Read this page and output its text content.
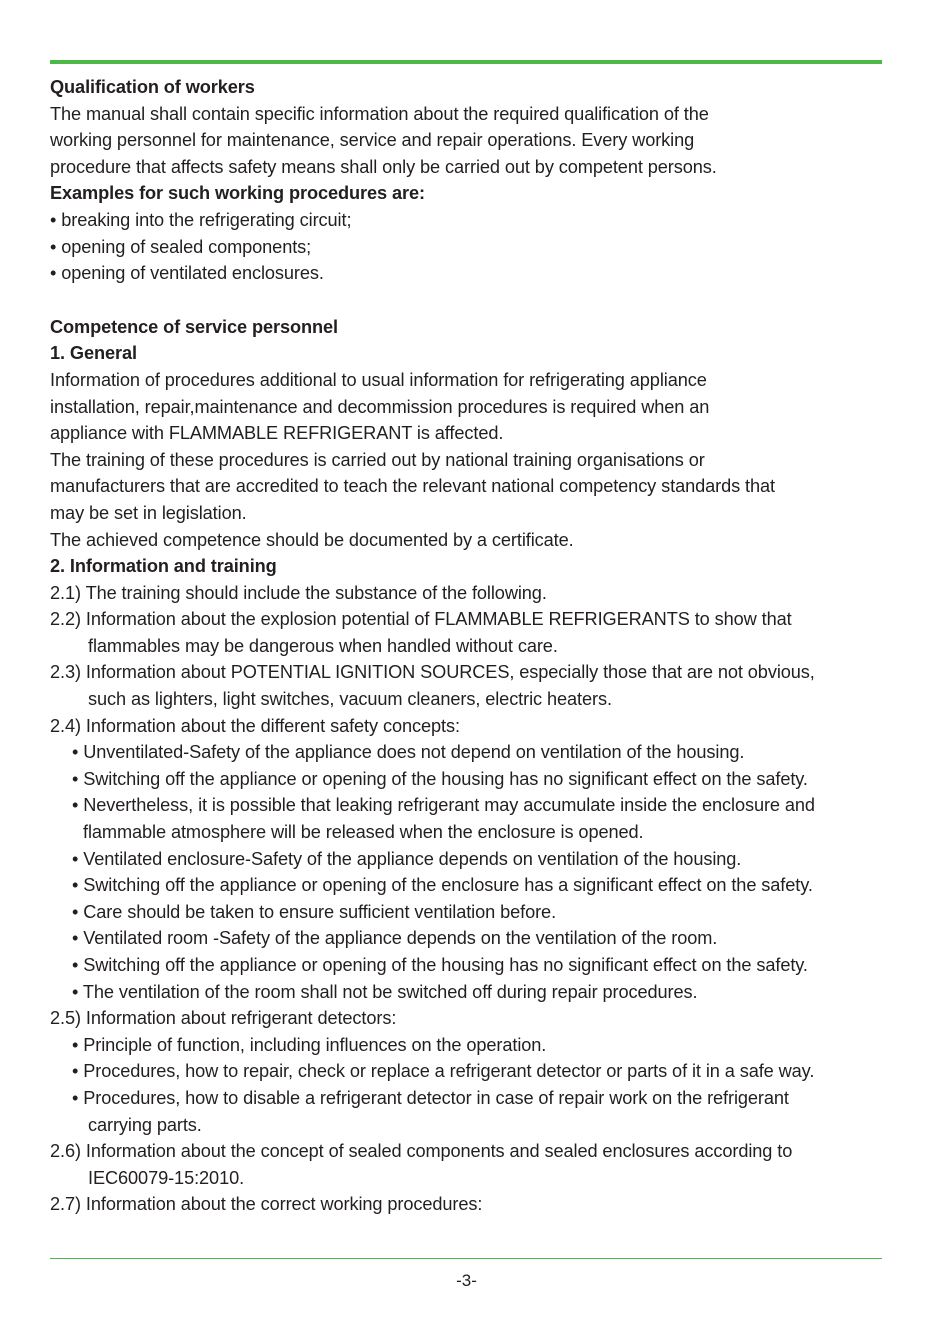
Qualification of workers

The manual shall contain specific information about the required qualification of the

working personnel for maintenance, service and repair operations. Every working

procedure that affects safety means shall only be carried out by competent persons.

Examples for such working procedures are:

• breaking into the refrigerating circuit;

• opening of sealed components;

• opening of ventilated enclosures.

Competence of service personnel

1. General

Information of procedures additional to usual information for refrigerating appliance

installation, repair,maintenance and decommission procedures is required when an

appliance with FLAMMABLE REFRIGERANT is affected.

The training of these procedures is carried out by national training organisations or

manufacturers that are accredited to teach the relevant national competency standards that

may be set in legislation.

The achieved competence should be documented by a certificate.

2. Information and training

2.1) The training should include the substance of the following.

2.2) Information about the explosion potential of FLAMMABLE REFRIGERANTS to show that

flammables may be dangerous when handled without care.

2.3) Information about POTENTIAL IGNITION SOURCES, especially those that are not obvious,

such as lighters, light switches, vacuum cleaners, electric heaters.

2.4) Information about the different safety concepts:

• Unventilated-Safety of the appliance does not depend on ventilation of the housing.

• Switching off the appliance or opening of the housing has no significant effect on the safety.

• Nevertheless, it is possible that leaking refrigerant may accumulate inside the enclosure and

flammable atmosphere will be released when the enclosure is opened.

• Ventilated enclosure-Safety of the appliance depends on ventilation of the housing.

• Switching off the appliance or opening of the enclosure has a significant effect on the safety.

• Care should be taken to ensure sufficient ventilation before.

• Ventilated room -Safety of the appliance depends on the ventilation of the room.

• Switching off the appliance or opening of the housing has no significant effect on the safety.

• The ventilation of the room shall not be switched off during repair procedures.

2.5) Information about refrigerant detectors:

• Principle of function, including influences on the operation.

• Procedures, how to repair, check or replace a refrigerant detector or parts of it in a safe way.

• Procedures, how to disable a refrigerant detector in case of repair work on the refrigerant

carrying parts.

2.6) Information about the concept of sealed components and sealed enclosures according to

IEC60079-15:2010.

2.7) Information about the correct working procedures:

-3-
